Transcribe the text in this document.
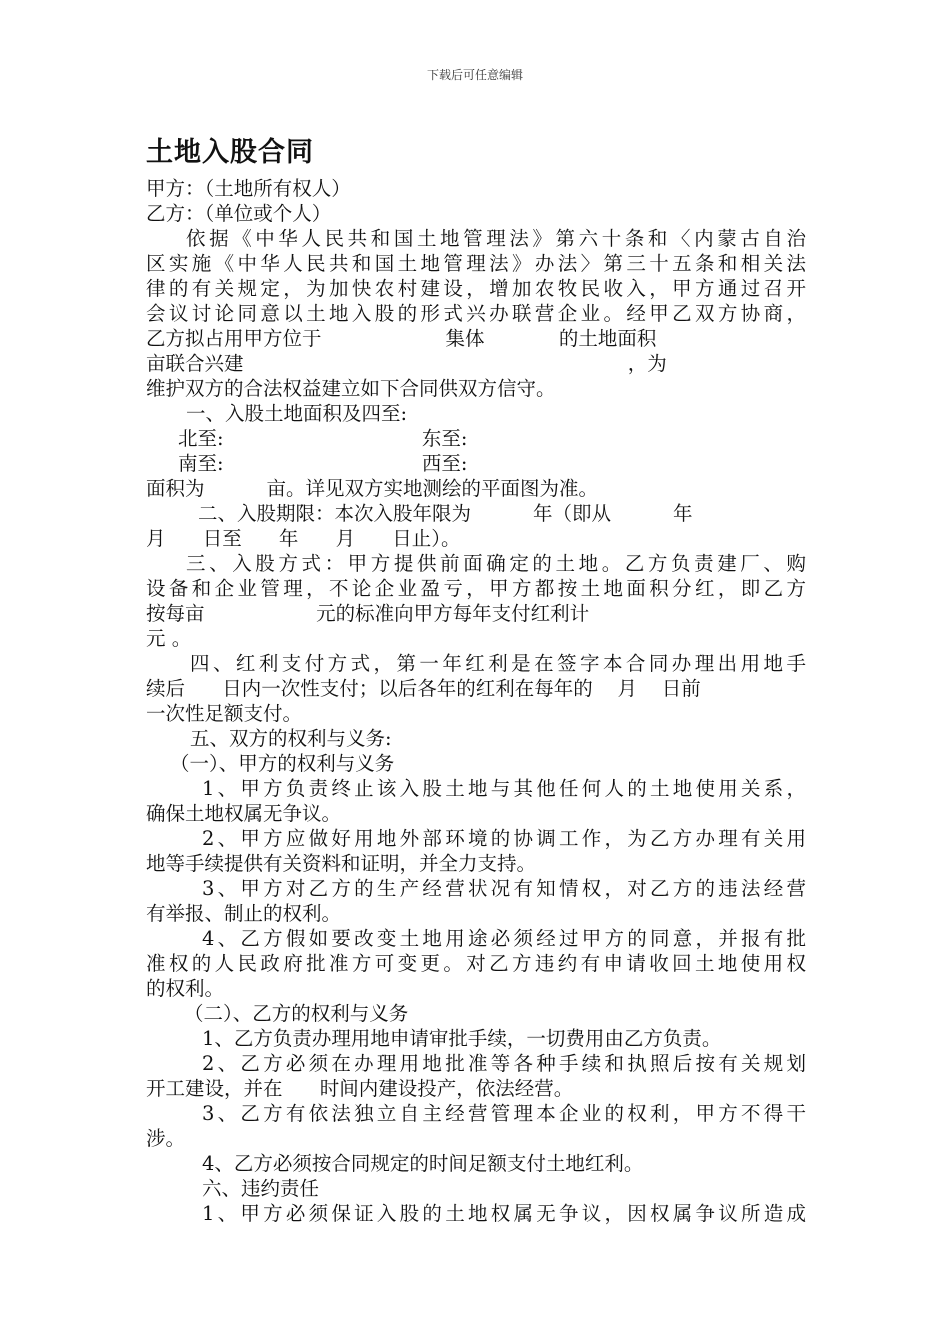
下载后可任意编辑
土地入股合同
甲方：（土地所有权人）
乙方：（单位或个人）
依据《中华人民共和国土地管理法》第六十条和〈内蒙古自治
区实施《中华人民共和国土地管理法》办法〉第三十五条和相关法
律的有关规定，为加快农村建设，增加农牧民收入，甲方通过召开
会议讨论同意以土地入股的形式兴办联营企业。经甲乙双方协商，
乙方拟占用甲方位于                    集体            的土地面积
亩联合兴建                                                              ，为
维护双方的合法权益建立如下合同供双方信守。
一、入股土地面积及四至:
北至:                                东至:
南至:                                西至:
面积为          亩。详见双方实地测绘的平面图为准。
二、入股期限：本次入股年限为          年（即从          年
月      日至      年      月      日止）。
三、入股方式：甲方提供前面确定的土地。乙方负责建厂、购
设备和企业管理，不论企业盈亏，甲方都按土地面积分红，即乙方
按每亩                  元的标准向甲方每年支付红利计
元 。
四、红利支付方式，第一年红利是在签字本合同办理出用地手
续后      日内一次性支付；以后各年的红利在每年的    月    日前
一次性足额支付。
五、双方的权利与义务:
（一）、甲方的权利与义务
1、甲方负责终止该入股土地与其他任何人的土地使用关系，
确保土地权属无争议。
2、甲方应做好用地外部环境的协调工作，为乙方办理有关用
地等手续提供有关资料和证明，并全力支持。
3、甲方对乙方的生产经营状况有知情权，对乙方的违法经营
有举报、制止的权利。
4、乙方假如要改变土地用途必须经过甲方的同意，并报有批
准权的人民政府批准方可变更。对乙方违约有申请收回土地使用权
的权利。
（二）、乙方的权利与义务
1、乙方负责办理用地申请审批手续，一切费用由乙方负责。
2、乙方必须在办理用地批准等各种手续和执照后按有关规划
开工建设，并在      时间内建设投产，依法经营。
3、乙方有依法独立自主经营管理本企业的权利，甲方不得干
涉。
4、乙方必须按合同规定的时间足额支付土地红利。
六、违约责任
1、甲方必须保证入股的土地权属无争议，因权属争议所造成
